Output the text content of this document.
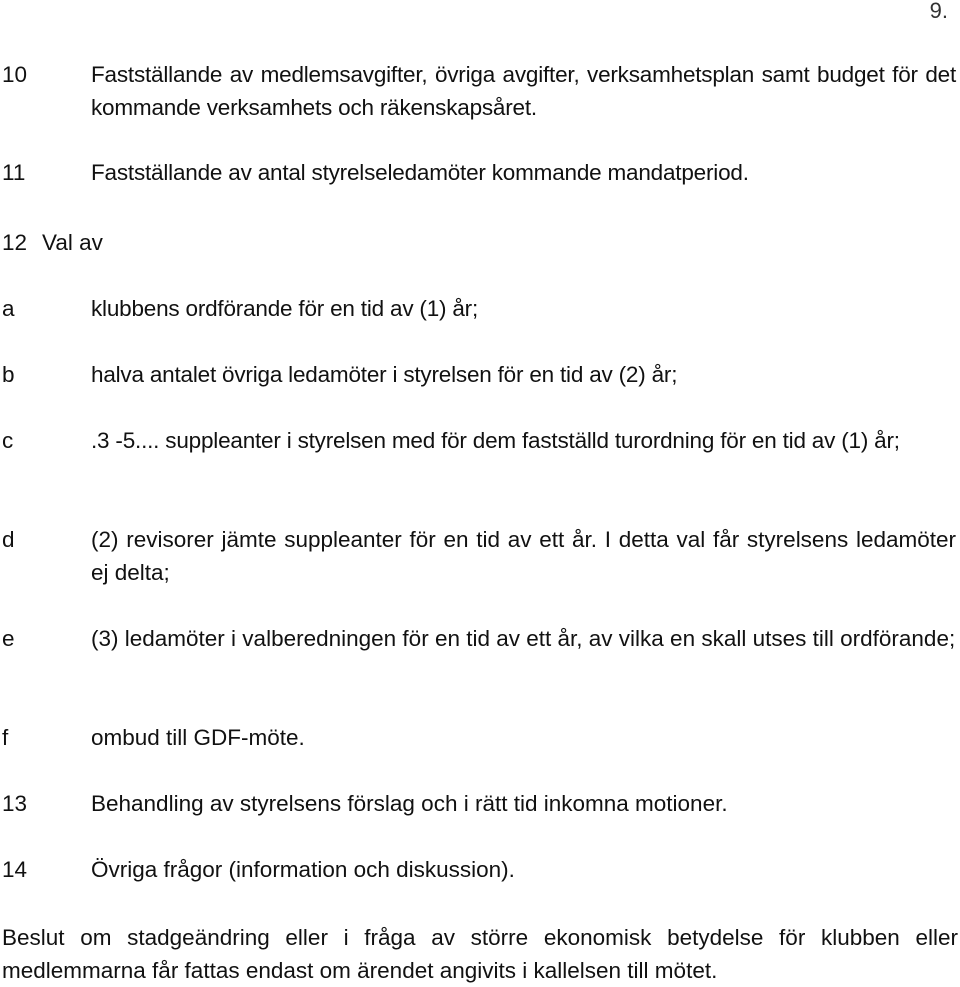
9.
10	Fastställande av medlemsavgifter, övriga avgifter, verksamhetsplan samt budget för det kommande verksamhets och räkenskapsåret.
11	Fastställande av antal styrelseledamöter kommande mandatperiod.
12 Val av
a	klubbens ordförande för en tid av (1) år;
b	halva antalet övriga ledamöter i styrelsen för en tid av (2) år;
c	.3 -5.... suppleanter i styrelsen med för dem fastställd turordning för en tid av (1) år;
d	(2) revisorer jämte suppleanter för en tid av ett år. I detta val får styrelsens ledamöter ej delta;
e	(3) ledamöter i valberedningen för en tid av ett år, av vilka en skall utses till ordförande;
f	ombud till GDF-möte.
13	Behandling av styrelsens förslag och i rätt tid inkomna motioner.
14	Övriga frågor (information och diskussion).
Beslut om stadgeändring eller i fråga av större ekonomisk betydelse för klubben eller medlemmarna får fattas endast om ärendet angivits i kallelsen till mötet.
